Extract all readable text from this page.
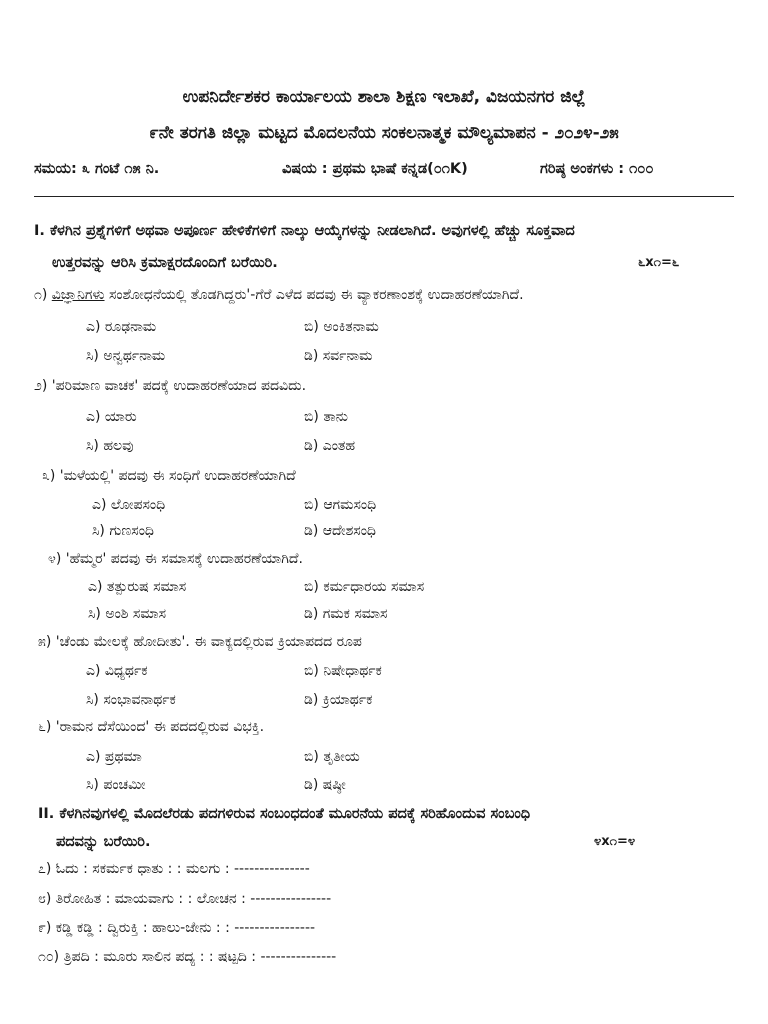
ಉಪನಿರ್ದೇಶಕರ ಕಾರ್ಯಾಲಯ ಶಾಲಾ ಶಿಕ್ಷಣ ಇಲಾಖೆ, ವಿಜಯನಗರ ಜಿಲ್ಲೆ
೯ನೇ ತರಗತಿ ಜಿಲ್ಲಾ ಮಟ್ಟದ ಮೊದಲನೆಯ ಸಂಕಲನಾತ್ಮಕ ಮೌಲ್ಯಮಾಪನ - ೨೦೨೪-೨೫
ಸಮಯ: ೩ ಗಂಟೆ ೧೫ ನಿ.	ವಿಷಯ : ಪ್ರಥಮ ಭಾಷೆ ಕನ್ನಡ(೦೧K)	ಗರಿಷ್ಠ ಅಂಕಗಳು : ೧೦೦
I. ಕೆಳಗಿನ ಪ್ರಶ್ನೆಗಳಿಗೆ ಅಥವಾ ಅಪೂರ್ಣ ಹೇಳಿಕೆಗಳಿಗೆ ನಾಲ್ಕು ಆಯ್ಕೆಗಳನ್ನು ನೀಡಲಾಗಿದೆ. ಅವುಗಳಲ್ಲಿ ಹೆಚ್ಚು ಸೂಕ್ತವಾದ
ಉತ್ತರವನ್ನು ಆರಿಸಿ ಕ್ರಮಾಕ್ಷರದೊಂದಿಗೆ ಬರೆಯಿರಿ.	೬x೧=೬
೧) ವಿಜ್ಞಾನಿಗಳು ಸಂಶೋಧನೆಯಲ್ಲಿ ತೊಡಗಿದ್ದರು'-ಗೆರೆ ಎಳೆದ ಪದವು ಈ ವ್ಯಾಕರಣಾಂಶಕ್ಕೆ ಉದಾಹರಣೆಯಾಗಿದೆ.
ಎ) ರೂಢನಾಮ	ಬಿ) ಅಂಕಿತನಾಮ
ಸಿ) ಅನ್ವರ್ಥನಾಮ	ಡಿ) ಸರ್ವನಾಮ
೨) 'ಪರಿಮಾಣ ವಾಚಕ' ಪದಕ್ಕೆ ಉದಾಹರಣೆಯಾದ ಪದವಿದು.
ಎ) ಯಾರು	ಬಿ) ತಾನು
ಸಿ) ಹಲವು	ಡಿ) ಎಂತಹ
೩) 'ಮಳೆಯಲ್ಲಿ' ಪದವು ಈ ಸಂಧಿಗೆ ಉದಾಹರಣೆಯಾಗಿದೆ
ಎ) ಲೋಪಸಂಧಿ	ಬಿ) ಆಗಮಸಂಧಿ
ಸಿ) ಗುಣಸಂಧಿ	ಡಿ) ಆದೇಶಸಂಧಿ
೪) 'ಹೆಮ್ಮರ' ಪದವು ಈ ಸಮಾಸಕ್ಕೆ ಉದಾಹರಣೆಯಾಗಿದೆ.
ಎ) ತತ್ಪುರುಷ ಸಮಾಸ	ಬಿ) ಕರ್ಮಧಾರಯ ಸಮಾಸ
ಸಿ) ಅಂಶಿ ಸಮಾಸ	ಡಿ) ಗಮಕ ಸಮಾಸ
೫) 'ಚೆಂಡು ಮೇಲಕ್ಕೆ ಹೋದೀತು'. ಈ ವಾಕ್ಯದಲ್ಲಿರುವ ಕ್ರಿಯಾಪದದ ರೂಪ
ಎ) ವಿಧ್ಯರ್ಥಕ	ಬಿ) ನಿಷೇಧಾರ್ಥಕ
ಸಿ) ಸಂಭಾವನಾರ್ಥಕ	ಡಿ) ಕ್ರಿಯಾರ್ಥಕ
೬) 'ರಾಮನ ದೆಸೆಯಿಂದ' ಈ ಪದದಲ್ಲಿರುವ ವಿಭಕ್ತಿ.
ಎ) ಪ್ರಥಮಾ	ಬಿ) ತೃತೀಯ
ಸಿ) ಪಂಚಮೀ	ಡಿ) ಷಷ್ಠೀ
II. ಕೆಳಗಿನವುಗಳಲ್ಲಿ ಮೊದಲೆರಡು ಪದಗಳಿರುವ ಸಂಬಂಧದಂತೆ ಮೂರನೆಯ ಪದಕ್ಕೆ ಸರಿಹೊಂದುವ ಸಂಬಂಧಿ
ಪದವನ್ನು ಬರೆಯಿರಿ.	೪x೧=೪
೭) ಓದು : ಸಕರ್ಮಕ ಧಾತು : : ಮಲಗು : ---------------
೮) ತಿರೋಹಿತ : ಮಾಯವಾಗು : : ಲೋಚನ : ----------------
೯) ಕಡ್ಡಿ ಕಡ್ಡಿ : ದ್ವಿರುಕ್ತಿ : ಹಾಲು-ಜೇನು : : ----------------
೧೦) ತ್ರಿಪದಿ : ಮೂರು ಸಾಲಿನ ಪದ್ಯ : : ಷಟ್ಪದಿ : ---------------
